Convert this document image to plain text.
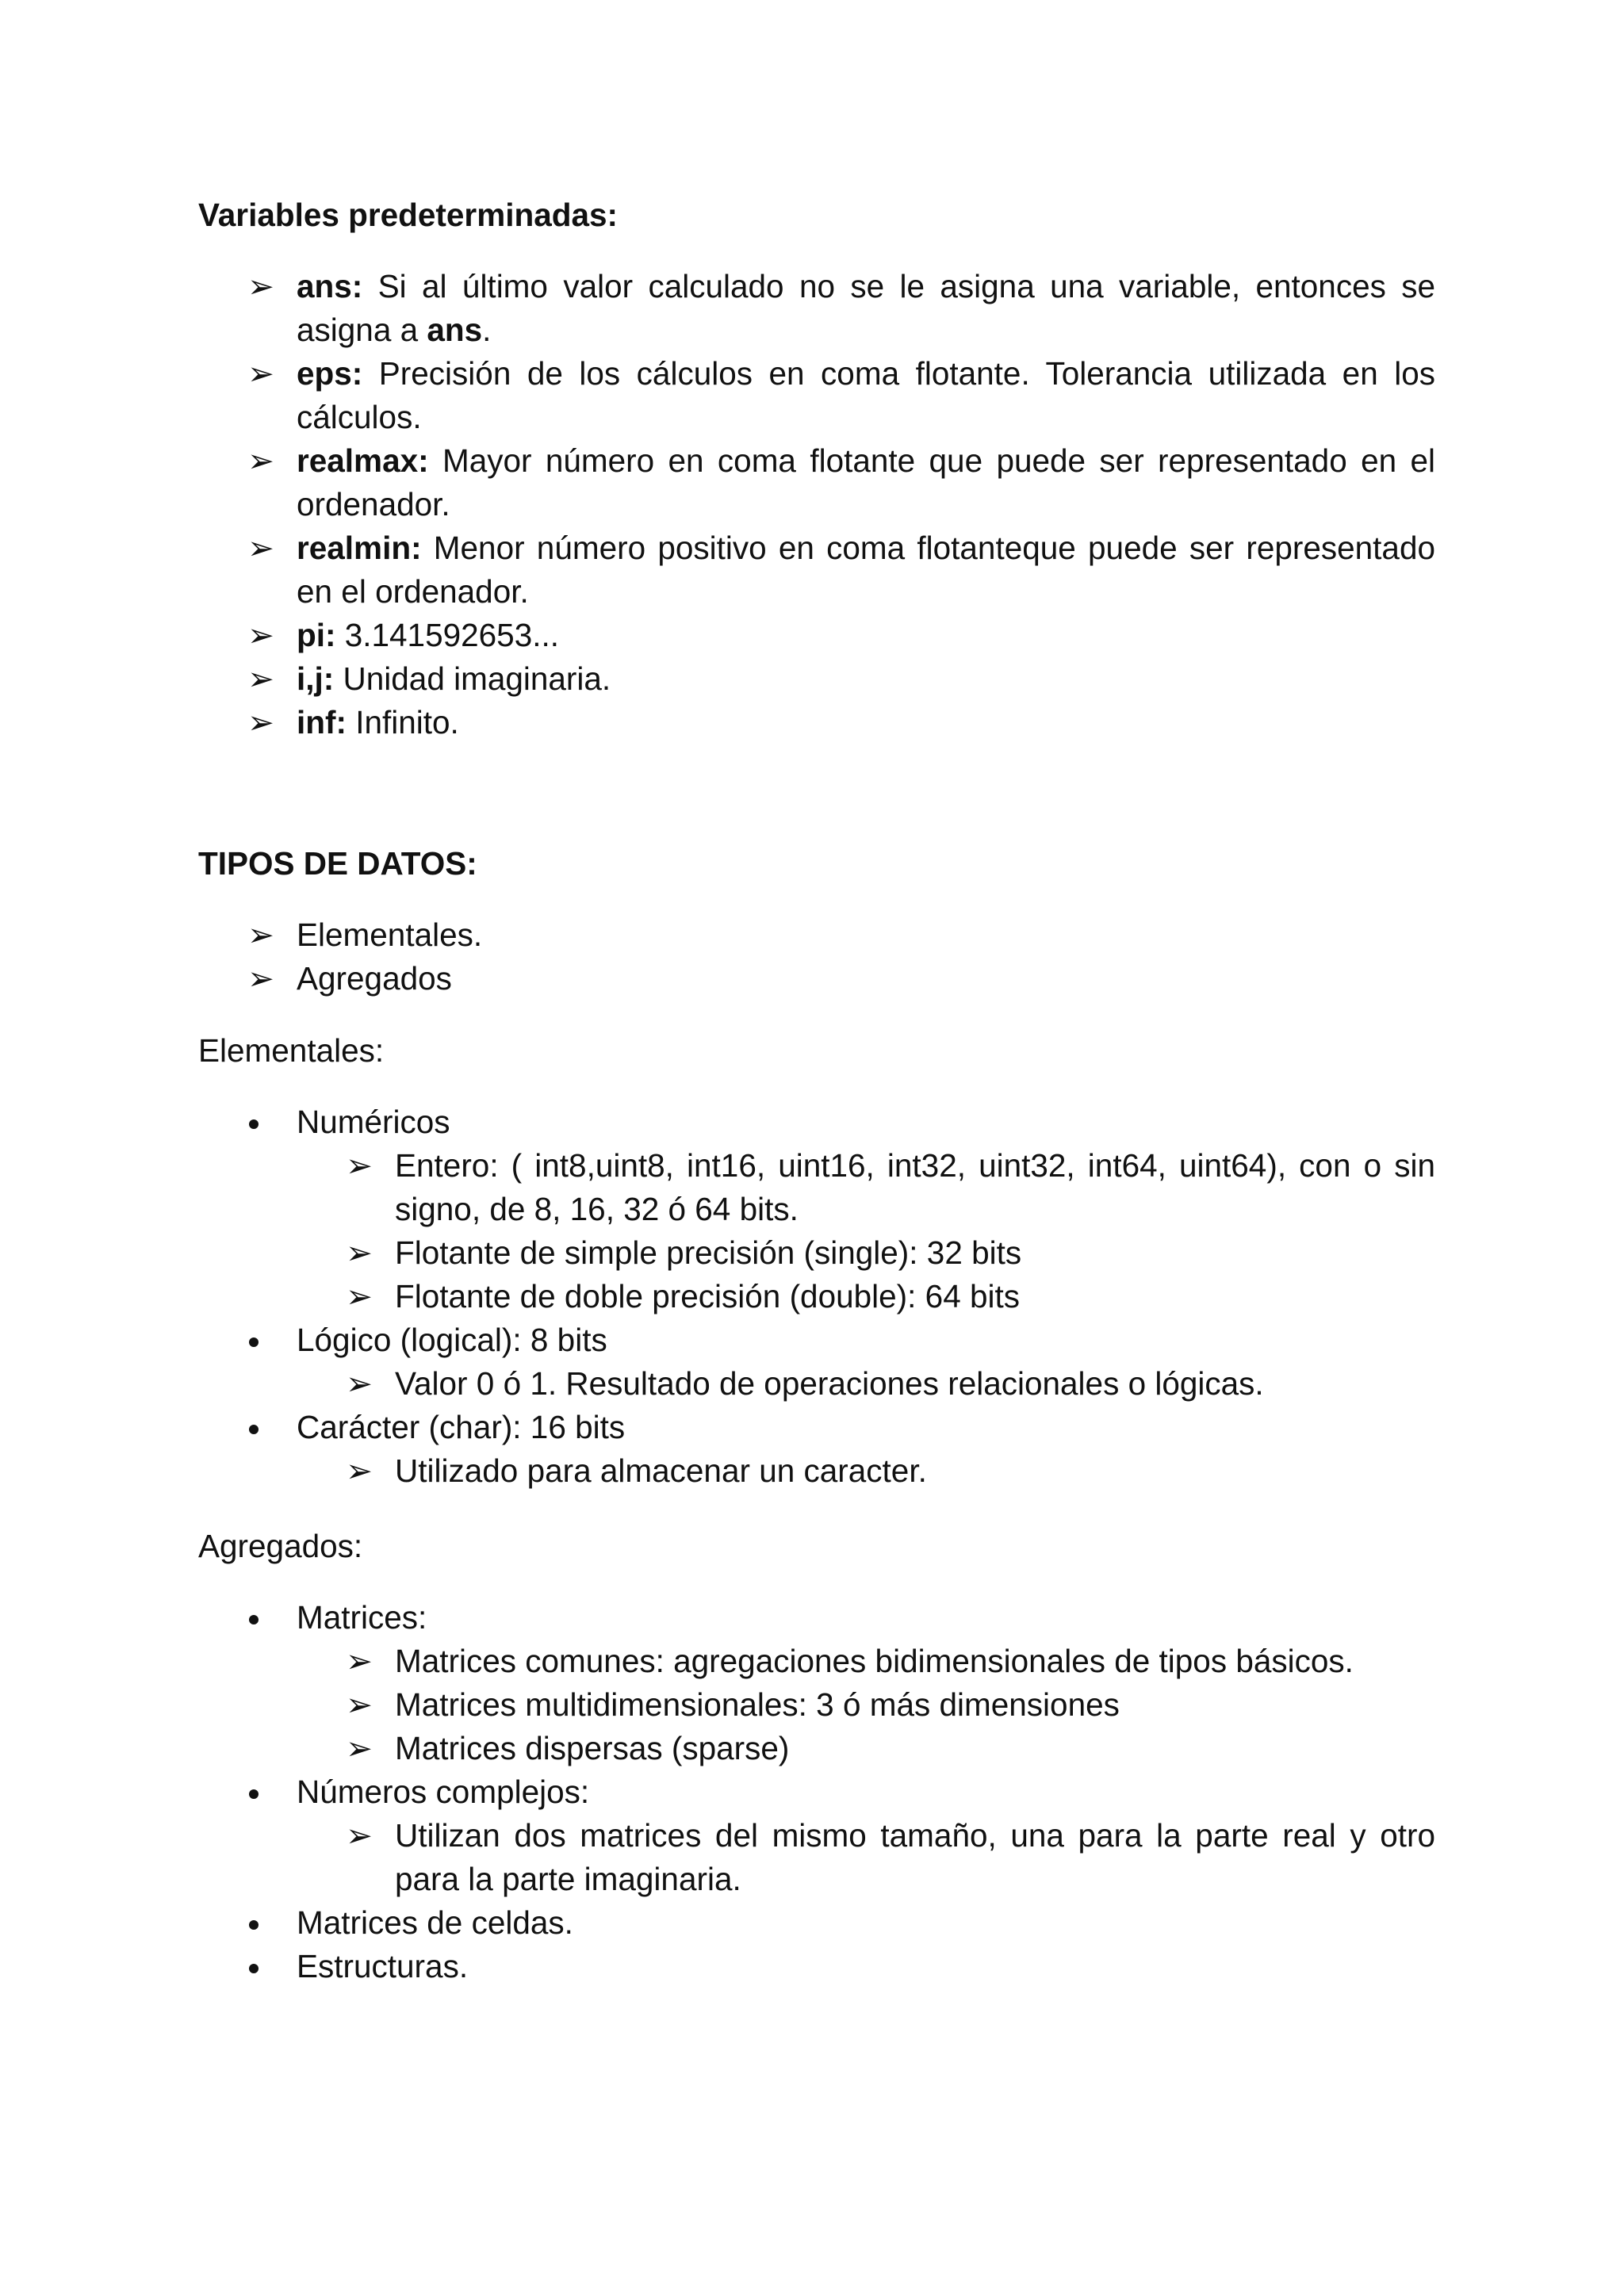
Variables predeterminadas:

➢ ans: Si al último valor calculado no se le asigna una variable, entonces se asigna a ans.
➢ eps: Precisión de los cálculos en coma flotante. Tolerancia utilizada en los cálculos.
➢ realmax: Mayor número en coma flotante que puede ser representado en el ordenador.
➢ realmin: Menor número positivo en coma flotanteque puede ser representado en el ordenador.
➢ pi: 3.141592653...
➢ i,j: Unidad imaginaria.
➢ inf: Infinito.

TIPOS DE DATOS:

➢ Elementales.
➢ Agregados

Elementales:

Numéricos
➢ Entero: ( int8,uint8, int16, uint16, int32, uint32, int64, uint64), con o sin signo, de 8, 16, 32 ó 64 bits.
➢ Flotante de simple precisión (single): 32 bits
➢ Flotante de doble precisión (double): 64 bits
Lógico (logical): 8 bits
➢ Valor 0 ó 1. Resultado de operaciones relacionales o lógicas.
Carácter (char): 16 bits
➢ Utilizado para almacenar un caracter.

Agregados:

Matrices:
➢ Matrices comunes: agregaciones bidimensionales de tipos básicos.
➢ Matrices multidimensionales: 3 ó más dimensiones
➢ Matrices dispersas (sparse)
Números complejos:
➢ Utilizan dos matrices del mismo tamaño, una para la parte real y otro para la parte imaginaria.
Matrices de celdas.
Estructuras.
